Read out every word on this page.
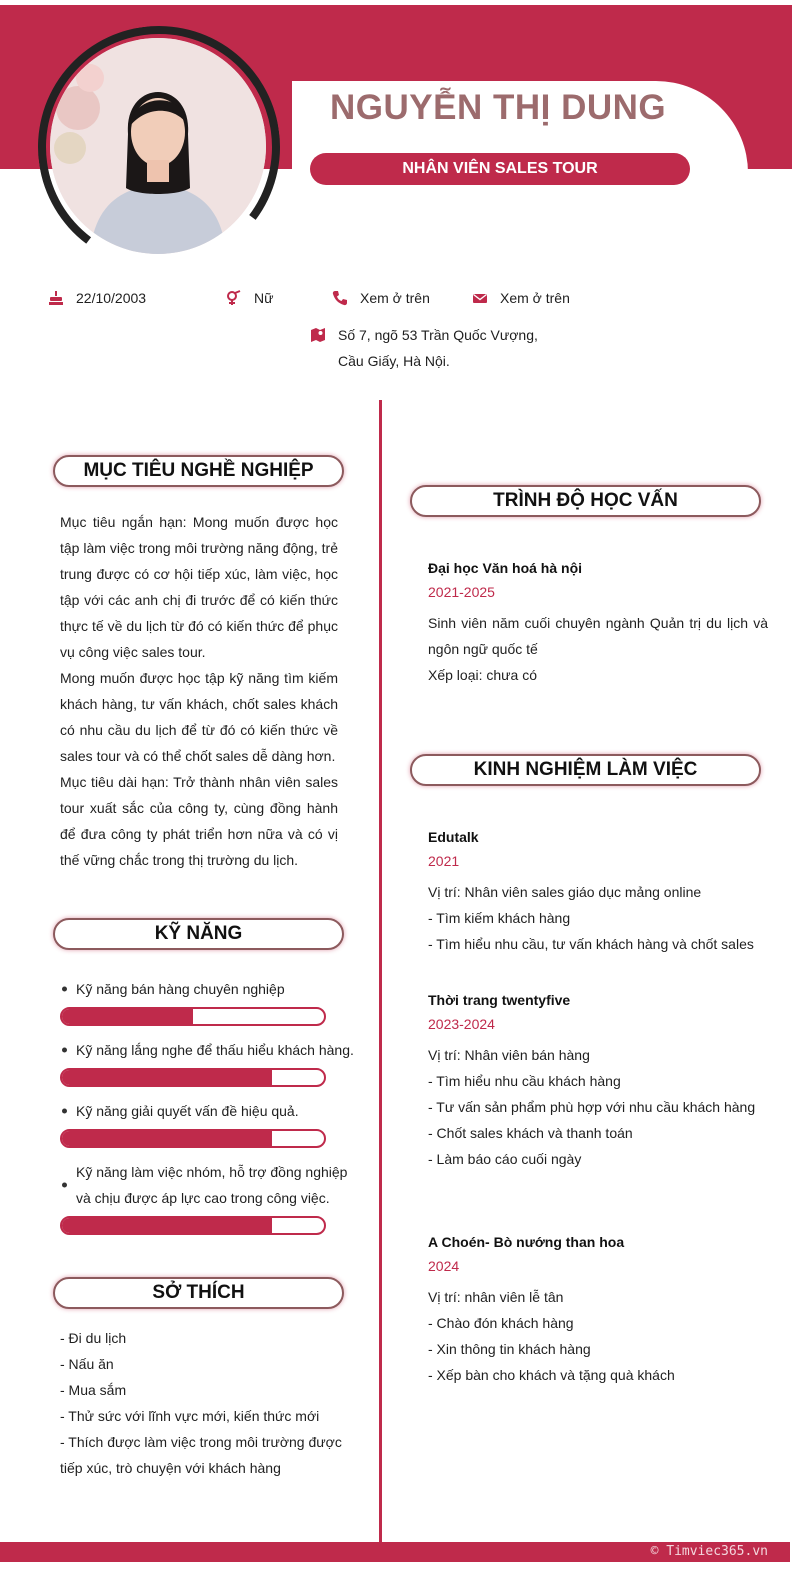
NGUYỄN THỊ DUNG
NHÂN VIÊN SALES TOUR
22/10/2003	Nữ	Xem ở trên	Xem ở trên
Số 7, ngõ 53 Trần Quốc Vượng,
Cầu Giấy, Hà Nội.
MỤC TIÊU NGHỀ NGHIỆP

Mục tiêu ngắn hạn: Mong muốn được học tập làm việc trong môi trường năng động, trẻ trung được có cơ hội tiếp xúc, làm việc, học tập với các anh chị đi trước để có kiến thức thực tế về du lịch từ đó có kiến thức để phục vụ công việc sales tour.

Mong muốn được học tập kỹ năng tìm kiếm khách hàng, tư vấn khách, chốt sales khách có nhu cầu du lịch để từ đó có kiến thức về sales tour và có thể chốt sales dễ dàng hơn.

Mục tiêu dài hạn: Trở thành nhân viên sales tour xuất sắc của công ty, cùng đồng hành để đưa công ty phát triển hơn nữa và có vị thế vững chắc trong thị trường du lịch.

KỸ NĂNG
Kỹ năng bán hàng chuyên nghiệp
Kỹ năng lắng nghe để thấu hiểu khách hàng.
Kỹ năng giải quyết vấn đề hiệu quả.
Kỹ năng làm việc nhóm, hỗ trợ đồng nghiệp và chịu được áp lực cao trong công việc.
SỞ THÍCH
- Đi du lịch
- Nấu ăn
- Mua sắm
- Thử sức với lĩnh vực mới, kiến thức mới
- Thích được làm việc trong môi trường được tiếp xúc, trò chuyện với khách hàng
TRÌNH ĐỘ HỌC VẤN
Đại học Văn hoá hà nội
2021-2025
Sinh viên năm cuối chuyên ngành Quản trị du lịch và ngôn ngữ quốc tế
Xếp loại: chưa có
KINH NGHIỆM LÀM VIỆC
Edutalk
2021
Vị trí: Nhân viên sales giáo dục mảng online
- Tìm kiếm khách hàng
- Tìm hiểu nhu cầu, tư vấn khách hàng và chốt sales
Thời trang twentyfive
2023-2024
Vị trí: Nhân viên bán hàng
- Tìm hiểu nhu cầu khách hàng
- Tư vấn sản phẩm phù hợp với nhu cầu khách hàng
- Chốt sales khách và thanh toán
- Làm báo cáo cuối ngày
A Choén- Bò nướng than hoa
2024
Vị trí: nhân viên lễ tân
- Chào đón khách hàng
- Xin thông tin khách hàng
- Xếp bàn cho khách và tặng quà khách
© Timviec365.vn
